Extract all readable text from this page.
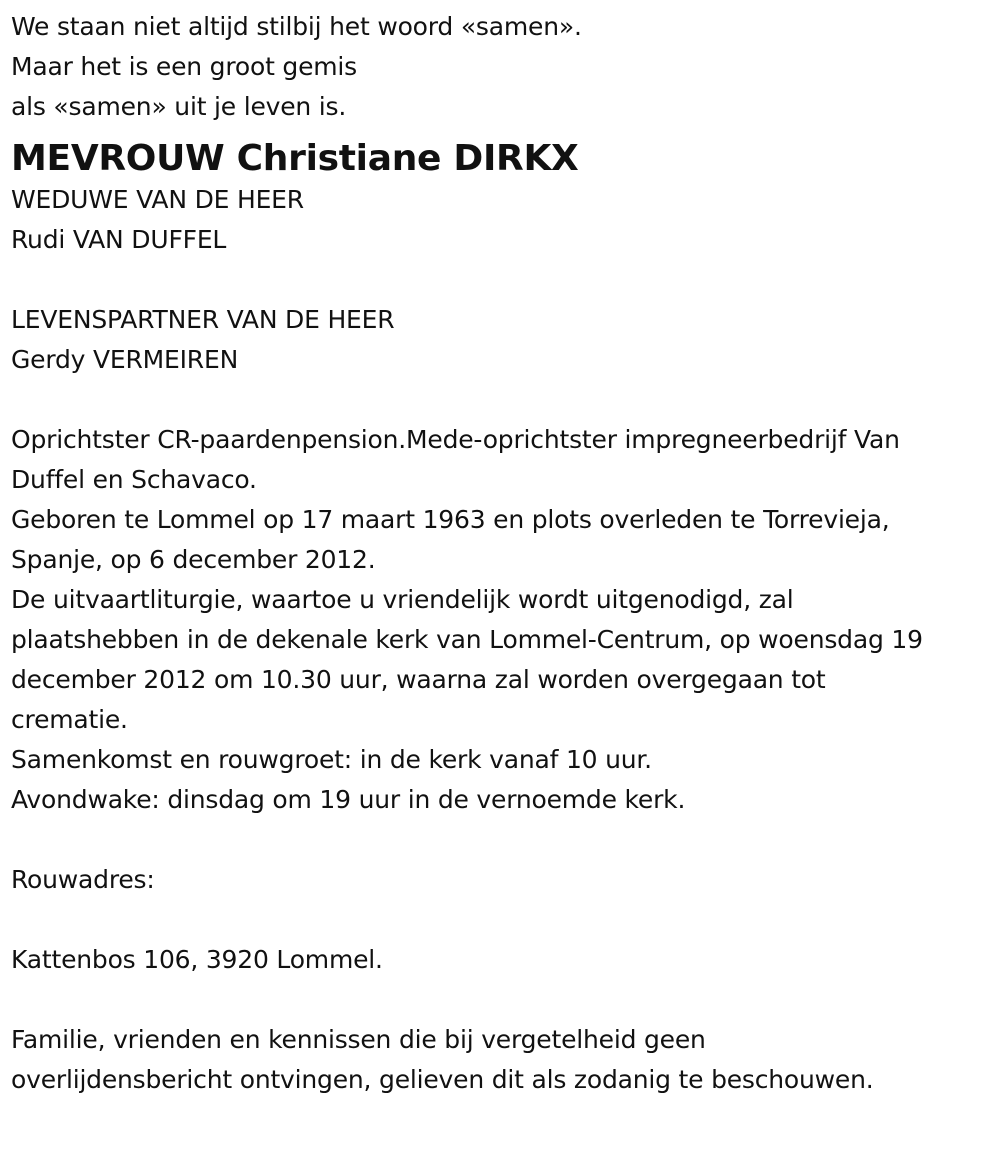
We staan niet altijd stilbij het woord «samen».
Maar het is een groot gemis
als «samen» uit je leven is.
MEVROUW Christiane DIRKX
WEDUWE VAN DE HEER
Rudi VAN DUFFEL
LEVENSPARTNER VAN DE HEER
Gerdy VERMEIREN
Oprichtster CR-paardenpension.Mede-oprichtster impregneerbedrijf Van
Duffel en Schavaco.
Geboren te Lommel op 17 maart 1963 en plots overleden te Torrevieja,
Spanje, op 6 december 2012.
De uitvaartliturgie, waartoe u vriendelijk wordt uitgenodigd, zal
plaatshebben in de dekenale kerk van Lommel-Centrum, op woensdag 19
december 2012 om 10.30 uur, waarna zal worden overgegaan tot
crematie.
Samenkomst en rouwgroet: in de kerk vanaf 10 uur.
Avondwake: dinsdag om 19 uur in de vernoemde kerk.
Rouwadres:
Kattenbos 106, 3920 Lommel.
Familie, vrienden en kennissen die bij vergetelheid geen
overlijdensbericht ontvingen, gelieven dit als zodanig te beschouwen.
